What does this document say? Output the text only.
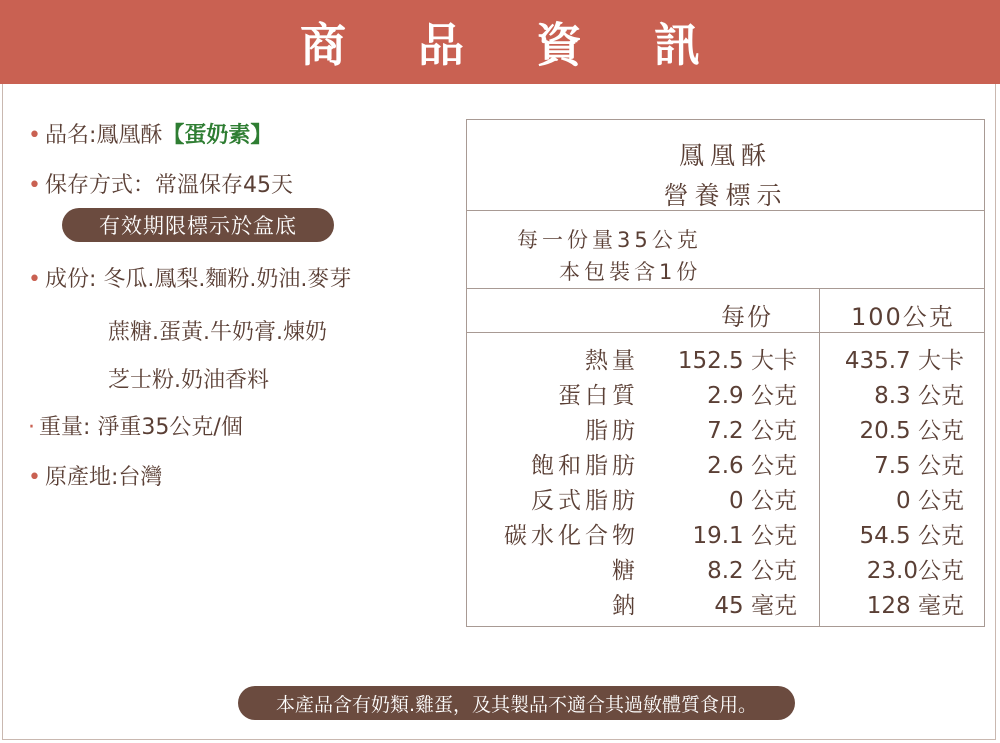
商 品 資 訊
• 品名:鳳凰酥【蛋奶素】
• 保存方式：常溫保存45天
• 成份: 冬瓜.鳳梨.麵粉.奶油.麥芽
蔗糖.蛋黃.牛奶膏.煉奶
芝士粉.奶油香料
· 重量: 淨重35公克/個
• 原產地:台灣
有效期限標示於盒底
鳳凰酥
營養標示
每一份量35公克
本包裝含1份
每份	100公克
熱量 152.5 大卡 435.7 大卡
蛋白質	2.9 公克	8.3 公克
脂肪	7.2 公克	20.5 公克
飽和脂肪	2.6 公克	7.5 公克
反式脂肪	0 公克	0 公克
碳水化合物 19.1 公克	54.5 公克
糖	8.2 公克	23.0公克
鈉	45 毫克	128 毫克
本產品含有奶類.雞蛋，及其製品不適合其過敏體質食用。
